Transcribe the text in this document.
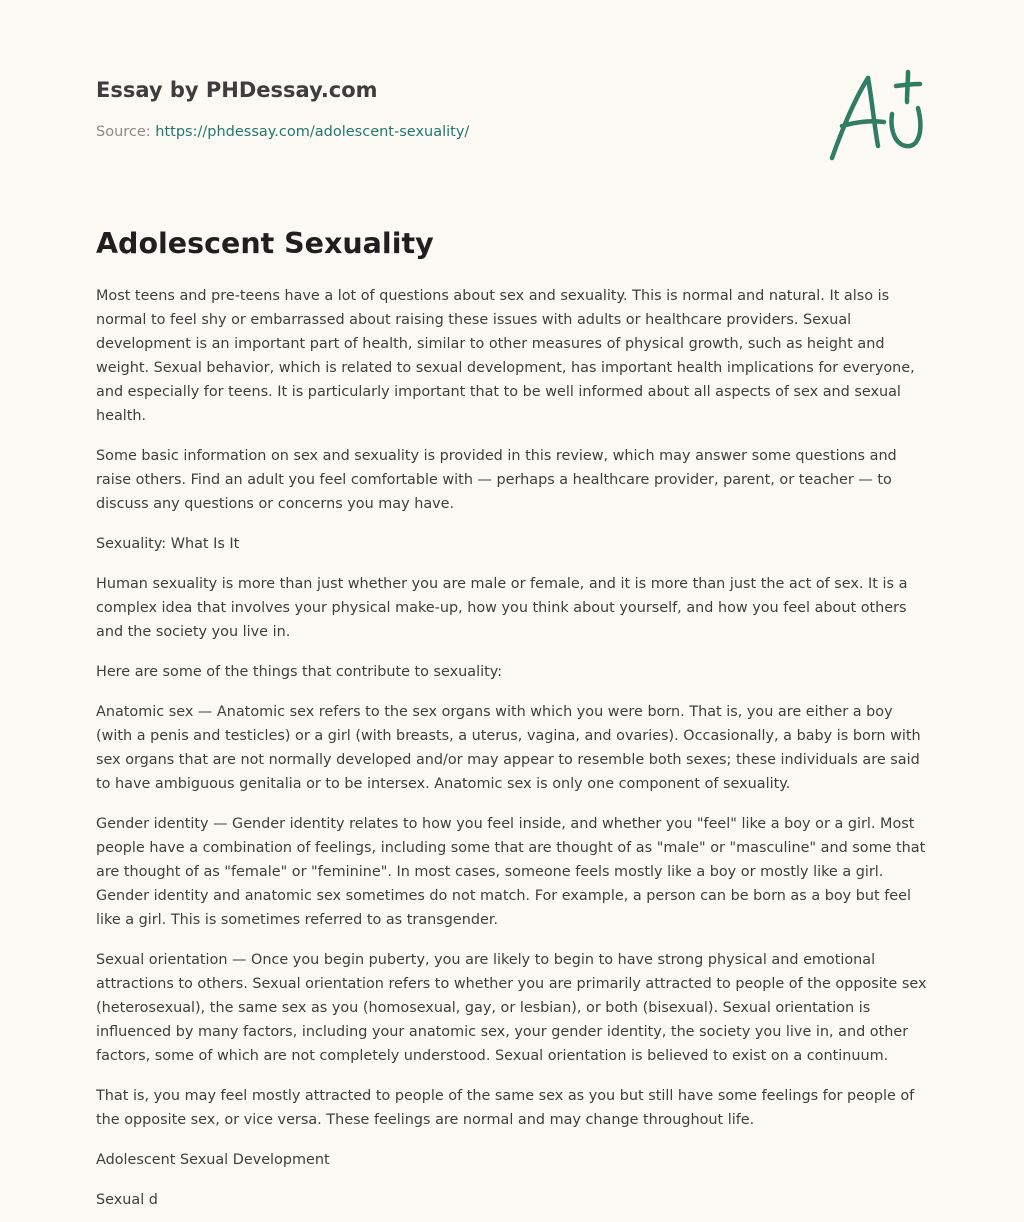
Essay by PHDessay.com
Source: https://phdessay.com/adolescent-sexuality/
Adolescent Sexuality

Most teens and pre-teens have a lot of questions about sex and sexuality. This is normal and natural. It also is normal to feel shy or embarrassed about raising these issues with adults or healthcare providers. Sexual development is an important part of health, similar to other measures of physical growth, such as height and weight. Sexual behavior, which is related to sexual development, has important health implications for everyone, and especially for teens. It is particularly important that to be well informed about all aspects of sex and sexual health.

Some basic information on sex and sexuality is provided in this review, which may answer some questions and raise others. Find an adult you feel comfortable with — perhaps a healthcare provider, parent, or teacher — to discuss any questions or concerns you may have.

Sexuality: What Is It

Human sexuality is more than just whether you are male or female, and it is more than just the act of sex. It is a complex idea that involves your physical make-up, how you think about yourself, and how you feel about others and the society you live in.

Here are some of the things that contribute to sexuality:

Anatomic sex — Anatomic sex refers to the sex organs with which you were born. That is, you are either a boy (with a penis and testicles) or a girl (with breasts, a uterus, vagina, and ovaries). Occasionally, a baby is born with sex organs that are not normally developed and/or may appear to resemble both sexes; these individuals are said to have ambiguous genitalia or to be intersex. Anatomic sex is only one component of sexuality.

Gender identity — Gender identity relates to how you feel inside, and whether you "feel" like a boy or a girl. Most people have a combination of feelings, including some that are thought of as "male" or "masculine" and some that are thought of as "female" or "feminine". In most cases, someone feels mostly like a boy or mostly like a girl. Gender identity and anatomic sex sometimes do not match. For example, a person can be born as a boy but feel like a girl. This is sometimes referred to as transgender.

Sexual orientation — Once you begin puberty, you are likely to begin to have strong physical and emotional attractions to others. Sexual orientation refers to whether you are primarily attracted to people of the opposite sex (heterosexual), the same sex as you (homosexual, gay, or lesbian), or both (bisexual). Sexual orientation is influenced by many factors, including your anatomic sex, your gender identity, the society you live in, and other factors, some of which are not completely understood. Sexual orientation is believed to exist on a continuum.

That is, you may feel mostly attracted to people of the same sex as you but still have some feelings for people of the opposite sex, or vice versa. These feelings are normal and may change throughout life.

Adolescent Sexual Development

Sexual d
